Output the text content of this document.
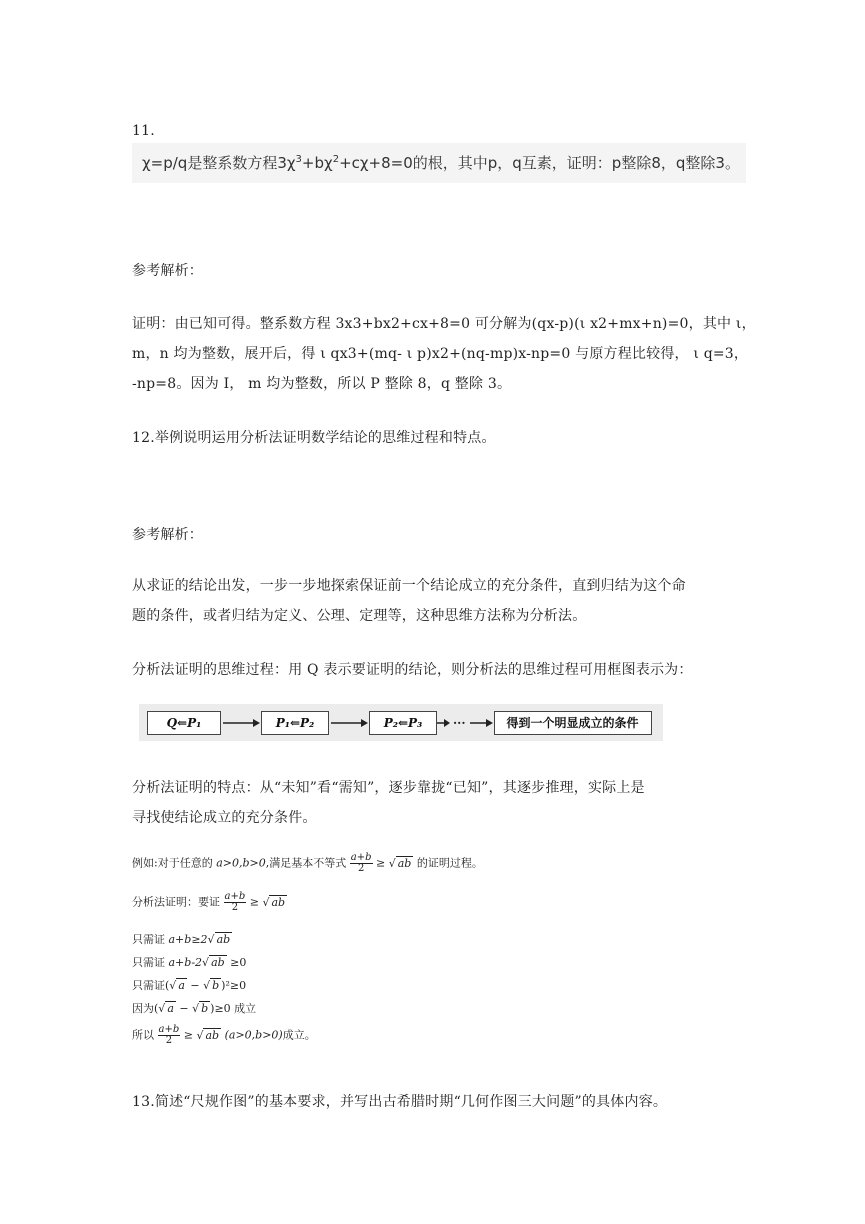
11.
χ=p/q是整系数方程$3\chi^3+b\chi^2+c\chi+8=0$的根，其中p，q互素，证明：p整除8，q整除3。
参考解析：
证明：由已知可得。整系数方程 3x3+bx2+cx+8=0 可分解为(qx-p)(ι x2+mx+n)=0，其中 ι，
m，n 均为整数，展开后，得 ι qx3+(mq- ι p)x2+(nq-mp)x-np=0 与原方程比较得， ι q=3，
-np=8。因为 I， m 均为整数，所以 P 整除 8，q 整除 3。
12.举例说明运用分析法证明数学结论的思维过程和特点。
参考解析：
从求证的结论出发，一步一步地探索保证前一个结论成立的充分条件，直到归结为这个命
题的条件，或者归结为定义、公理、定理等，这种思维方法称为分析法。
分析法证明的思维过程：用 Q 表示要证明的结论，则分析法的思维过程可用框图表示为：
Q⇐P₁	P₁⇐P₂	P₂⇐P₃	···	得到一个明显成立的条件
分析法证明的特点：从“未知”看“需知”，逐步靠拢“已知”，其逐步推理，实际上是
寻找使结论成立的充分条件。
例如:对于任意的 a>0,b>0,满足基本不等式 $\frac{a+b}{2}$ ≥ √ ab 的证明过程。
分析法证明：要证 $\frac{a+b}{2}$ ≥ √ ab
只需证 a+b≥2√ ab
只需证 a+b-2√ ab ≥0
只需证(√ a − √ b )²≥0
因为(√ a − √ b )≥0 成立
所以 $\frac{a+b}{2}$ ≥ √ ab (a>0,b>0)成立。
13.简述“尺规作图”的基本要求，并写出古希腊时期“几何作图三大问题”的具体内容。
